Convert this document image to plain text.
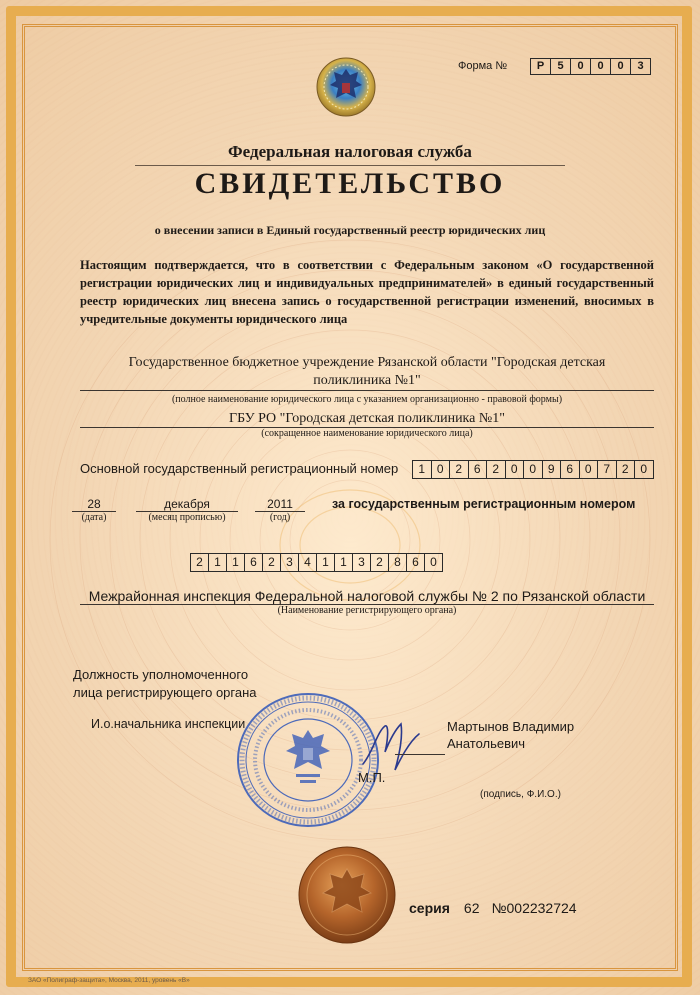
Форма №	Р	5	0	0	0	3
Федеральная налоговая служба
СВИДЕТЕЛЬСТВО
о внесении записи в Единый государственный реестр юридических лиц
Настоящим подтверждается, что в соответствии с Федеральным законом «О государственной регистрации юридических лиц и индивидуальных предпринимателей» в единый государственный реестр юридических лиц внесена запись о государственной регистрации изменений, вносимых в учредительные документы юридического лица
Государственное бюджетное учреждение Рязанской области "Городская детская
поликлиника №1"
(полное наименование юридического лица с указанием организационно - правовой формы)
ГБУ РО "Городская детская поликлиника №1"
(сокращенное наименование юридического лица)
Основной государственный регистрационный номер	1 0 2 6 2 0 0 9 6 0 7 2 0
28
(дата)
декабря
(месяц прописью)
2011
(год)
за государственным регистрационным номером
2 1 1 6 2 3 4 1 1 3 2 8 6 0
Межрайонная инспекция Федеральной налоговой службы № 2 по Рязанской области
(Наименование регистрирующего органа)
Должность уполномоченного
лица регистрирующего органа
И.о.начальника инспекции	Мартынов Владимир
Анатольевич
М.П.
(подпись, Ф.И.О.)
серия 62 №002232724
ЗАО «Полиграф-защита», Москва, 2011, уровень «В»
